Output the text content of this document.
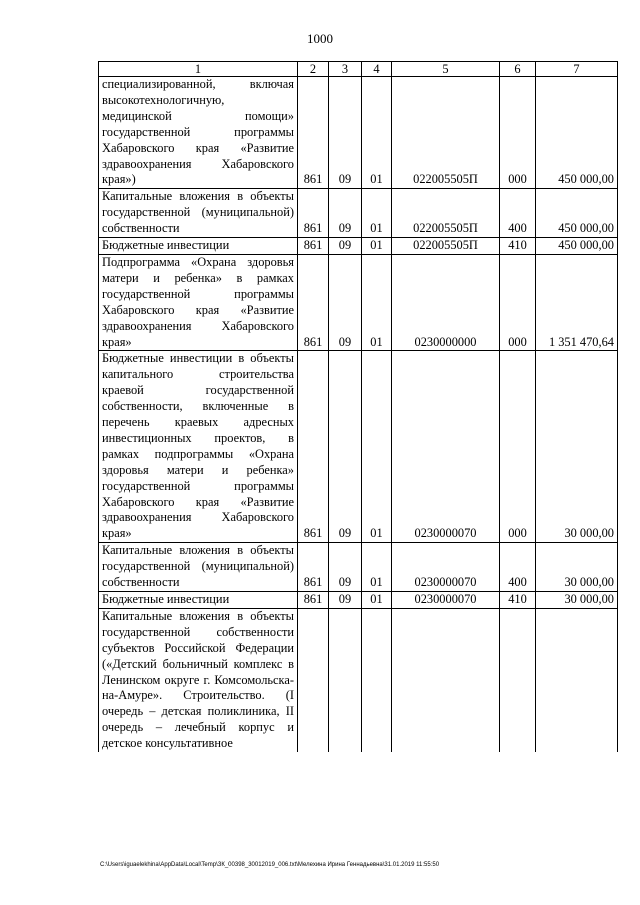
1000
1	2	3	4	5	6	7
специализированной, включая высокотехнологичную, медицинской помощи» государственной программы Хабаровского края «Развитие здравоохранения Хабаровского края»)	861	09	01	022005505П	000	450 000,00
Капитальные вложения в объекты государственной (муниципальной) собственности	861	09	01	022005505П	400	450 000,00
Бюджетные инвестиции	861	09	01	022005505П	410	450 000,00
Подпрограмма «Охрана здоровья матери и ребенка» в рамках государственной программы Хабаровского края «Развитие здравоохранения Хабаровского края»	861	09	01	0230000000	000	1 351 470,64
Бюджетные инвестиции в объекты капитального строительства краевой государственной собственности, включенные в перечень краевых адресных инвестиционных проектов, в рамках подпрограммы «Охрана здоровья матери и ребенка» государственной программы Хабаровского края «Развитие здравоохранения Хабаровского края»	861	09	01	0230000070	000	30 000,00
Капитальные вложения в объекты государственной (муниципальной) собственности	861	09	01	0230000070	400	30 000,00
Бюджетные инвестиции	861	09	01	0230000070	410	30 000,00
Капитальные вложения в объекты государственной собственности субъектов Российской Федерации («Детский больничный комплекс в Ленинском округе г. Комсомольска-на-Амуре». Строительство. (I очередь – детская поликлиника, II очередь – лечебный корпус и детское консультативное						
C:\Users\iguaelekhina\AppData\Local\Temp\ЗК_00398_30012019_006.txt\Мелехина Ирина Геннадьевна\31.01.2019 11:55:50
